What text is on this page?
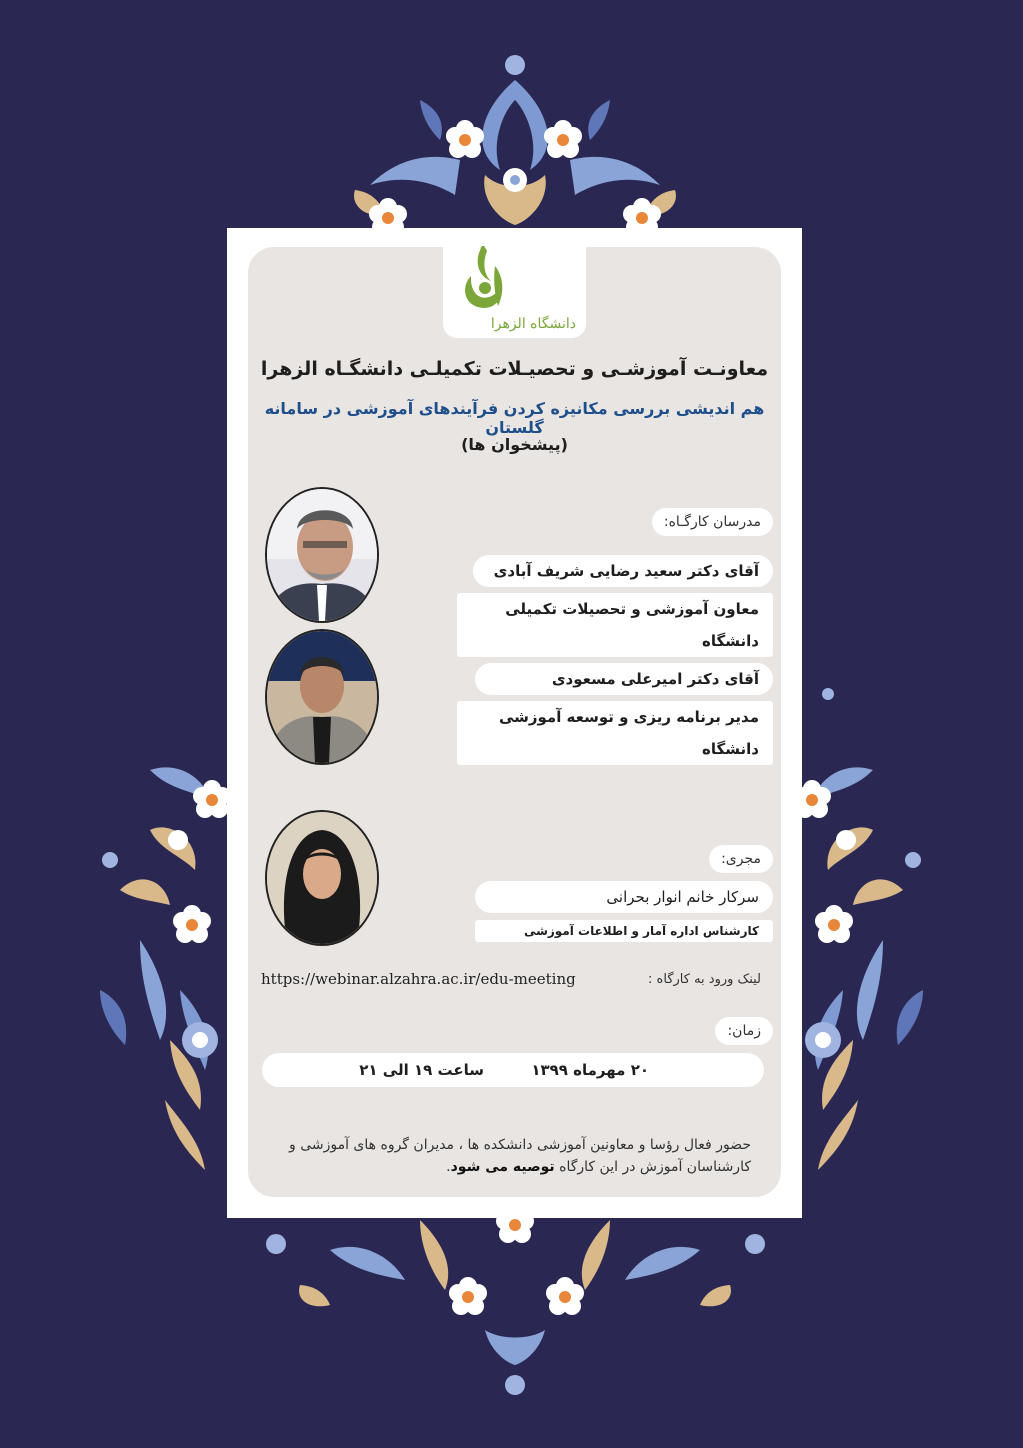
دانشگاه الزهرا
معاونـت آموزشـی و تحصیـلات تکمیلـی دانشگـاه الزهرا
هم اندیشی بررسی مکانیزه کردن فرآیندهای آموزشی در سامانه گلستان
(پیشخوان ها)
مدرسان کارگـاه:
آقای دکتر سعید رضایی شریف آبادی
معاون آموزشی و تحصیلات تکمیلی دانشگاه
آقای دکتر امیرعلی مسعودی
مدیر برنامه ریزی و توسعه آموزشی دانشگاه
مجری:
سرکار خانم انوار بحرانی
کارشناس اداره آمار و اطلاعات آموزشی
لینک ورود به کارگاه :
https://webinar.alzahra.ac.ir/edu-meeting
زمان:
۲۰ مهرماه ۱۳۹۹
ساعت ۱۹ الی ۲۱
حضور فعال رؤسا و معاونین آموزشی دانشکده ها ، مدیران گروه های آموزشی و کارشناسان آموزش در این کارگاه توصیه می شود.
